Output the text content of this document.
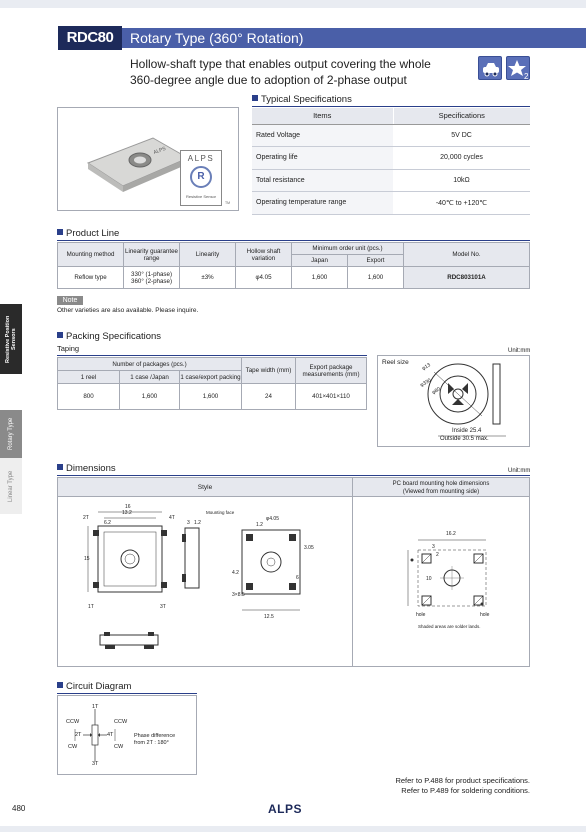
RDC80	Rotary Type (360° Rotation)
Hollow-shaft type that enables output covering the whole
360-degree angle due to adoption of 2-phase output	2
ALPS
ALPS
R
Resistive Sensor
TM
Typical Specifications
Items	Specifications
Rated Voltage	5V DC
Operating life	20,000 cycles
Total resistance	10kΩ
Operating temperature range	-40℃ to +120℃
Product Line
Mounting method	Linearity guarantee range	Linearity	Hollow shaft variation	Minimum order unit (pcs.)		Model No.
				Japan	Export	
Reflow type	330° (1-phase)
360° (2-phase)	±3%	φ4.05	1,600	1,600	RDC803101A
Note
Other varieties are also available. Please inquire.
Resistive Position Sensors
Rotary Type
Linear Type
Packing Specifications
Taping	Unit:mm
Number of packages (pcs.)			Tape width (mm)	Export package measurements (mm)
1 reel	1 case /Japan	1 case/export packing		
800	1,600	1,600	24	401×401×110
Reel size φ13
φ330
φ80
Inside 25.4
Outside 30.5 max.
Dimensions	Unit:mm
Style	PC board mounting hole dimensions
(Viewed from mounting side)
2T	4T
1T	3T
16
13.2
6.2
15
3 1.2
Mounting face
φ4.05
1.2
12.5
4.2
3.05
6
3×8.5
16.2
10
3
2
hole	hole
Shaded areas are solder lands.
Circuit Diagram
1T
2T	4T
3T
CCW
CW
CCW
CW
Phase difference
from 2T : 180°
Refer to P.488 for product specifications.
Refer to P.489 for soldering conditions.
480	ALPS
